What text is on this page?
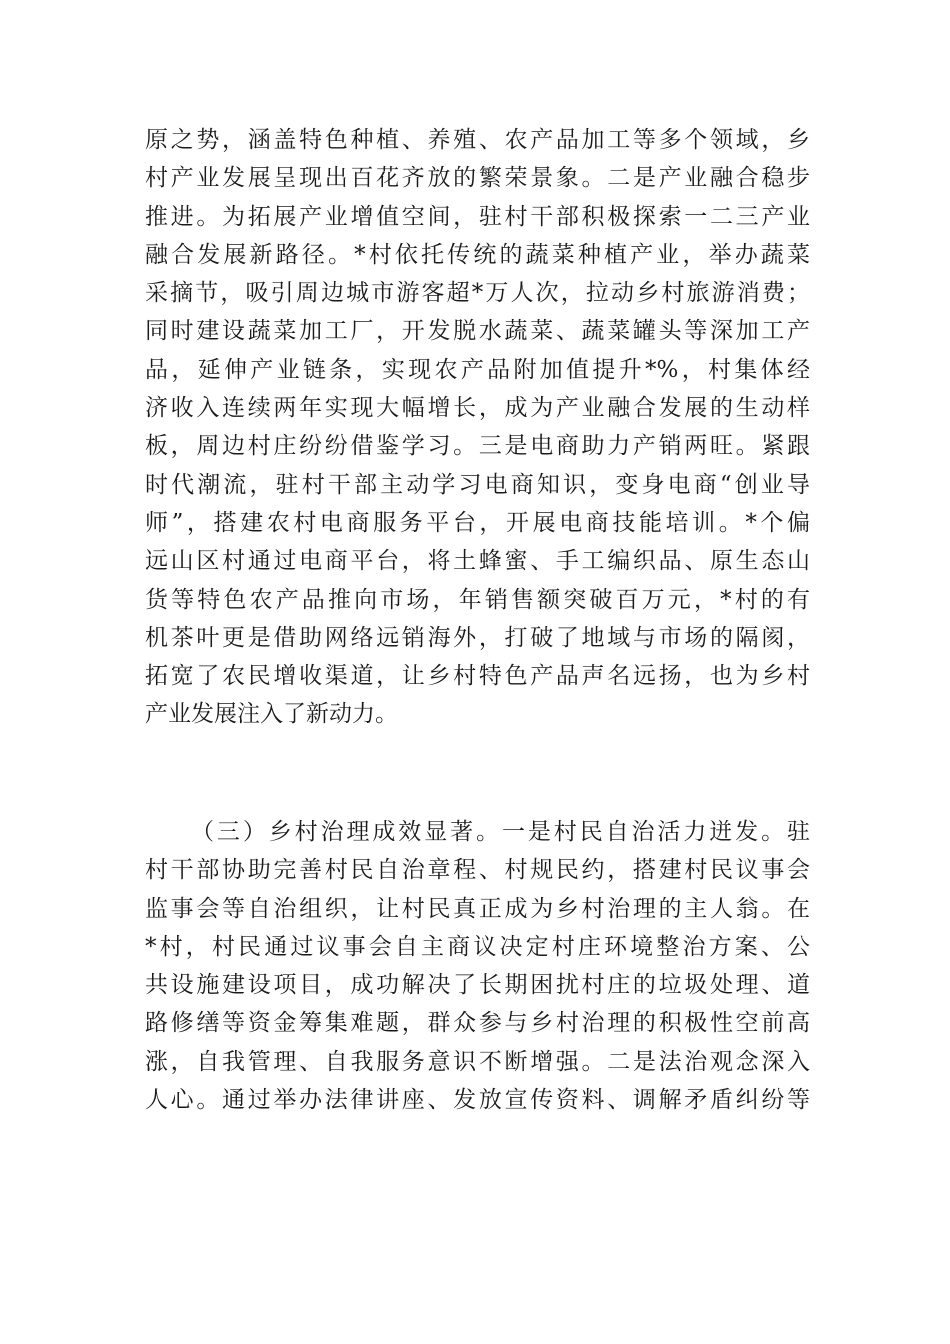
原之势，涵盖特色种植、养殖、农产品加工等多个领域，乡
村产业发展呈现出百花齐放的繁荣景象。二是产业融合稳步
推进。为拓展产业增值空间，驻村干部积极探索一二三产业
融合发展新路径。*村依托传统的蔬菜种植产业，举办蔬菜
采摘节，吸引周边城市游客超*万人次，拉动乡村旅游消费；
同时建设蔬菜加工厂，开发脱水蔬菜、蔬菜罐头等深加工产
品，延伸产业链条，实现农产品附加值提升*%，村集体经
济收入连续两年实现大幅增长，成为产业融合发展的生动样
板，周边村庄纷纷借鉴学习。三是电商助力产销两旺。紧跟
时代潮流，驻村干部主动学习电商知识，变身电商“创业导
师”，搭建农村电商服务平台，开展电商技能培训。*个偏
远山区村通过电商平台，将土蜂蜜、手工编织品、原生态山
货等特色农产品推向市场，年销售额突破百万元，*村的有
机茶叶更是借助网络远销海外，打破了地域与市场的隔阂，
拓宽了农民增收渠道，让乡村特色产品声名远扬，也为乡村
产业发展注入了新动力。
（三）乡村治理成效显著。一是村民自治活力迸发。驻
村干部协助完善村民自治章程、村规民约，搭建村民议事会
监事会等自治组织，让村民真正成为乡村治理的主人翁。在
*村，村民通过议事会自主商议决定村庄环境整治方案、公
共设施建设项目，成功解决了长期困扰村庄的垃圾处理、道
路修缮等资金筹集难题，群众参与乡村治理的积极性空前高
涨，自我管理、自我服务意识不断增强。二是法治观念深入
人心。通过举办法律讲座、发放宣传资料、调解矛盾纠纷等
